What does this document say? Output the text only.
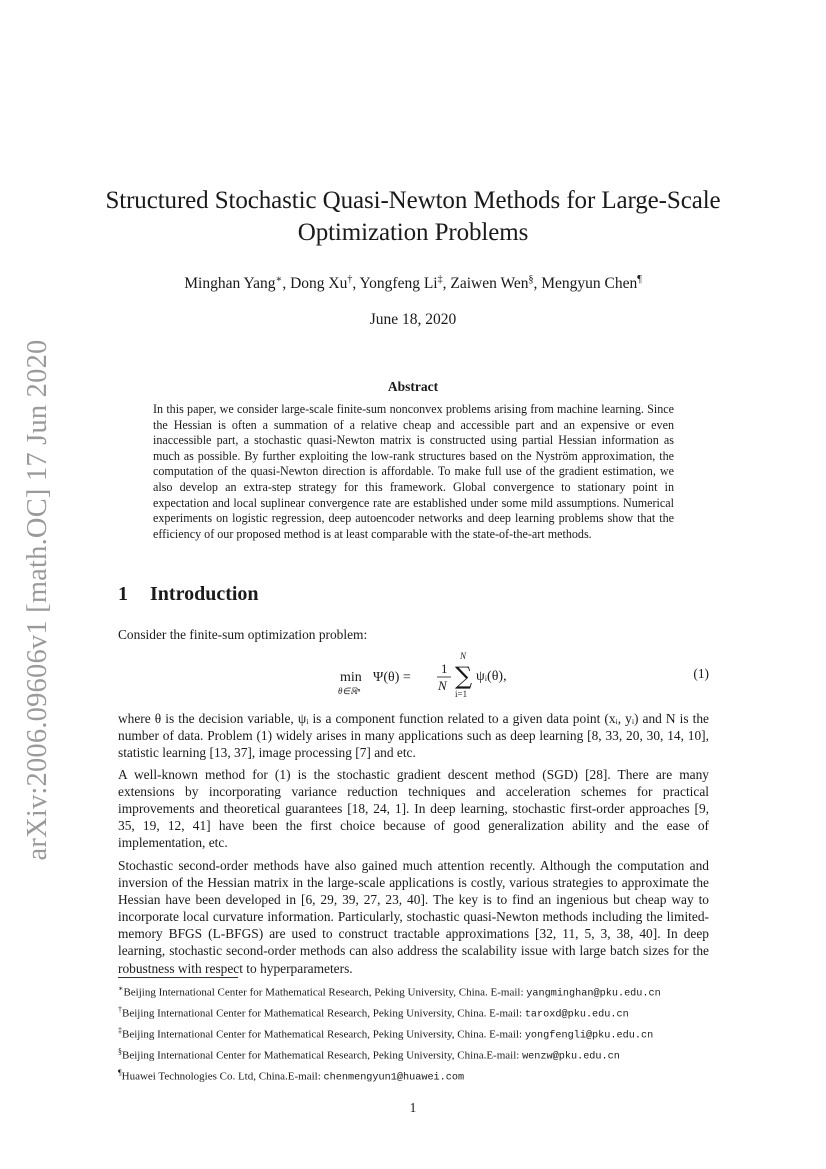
arXiv:2006.09606v1 [math.OC] 17 Jun 2020
Structured Stochastic Quasi-Newton Methods for Large-Scale
Optimization Problems
Minghan Yang∗, Dong Xu†, Yongfeng Li‡, Zaiwen Wen§, Mengyun Chen¶
June 18, 2020
Abstract

In this paper, we consider large-scale finite-sum nonconvex problems arising from machine learning. Since the Hessian is often a summation of a relative cheap and accessible part and an expensive or even inaccessible part, a stochastic quasi-Newton matrix is constructed using partial Hessian information as much as possible. By further exploiting the low-rank structures based on the Nyström approximation, the computation of the quasi-Newton direction is affordable. To make full use of the gradient estimation, we also develop an extra-step strategy for this framework. Global convergence to stationary point in expectation and local suplinear convergence rate are established under some mild assumptions. Numerical experiments on logistic regression, deep autoencoder networks and deep learning problems show that the efficiency of our proposed method is at least comparable with the state-of-the-art methods.

1 Introduction

Consider the finite-sum optimization problem:

min
θ∈ℝⁿ
Ψ(θ) =
1
N
N
∑
i=1
ψᵢ(θ),	(1)

where θ is the decision variable, ψᵢ is a component function related to a given data point (xᵢ, yᵢ) and N is the number of data. Problem (1) widely arises in many applications such as deep learning [8, 33, 20, 30, 14, 10], statistic learning [13, 37], image processing [7] and etc.

A well-known method for (1) is the stochastic gradient descent method (SGD) [28]. There are many extensions by incorporating variance reduction techniques and acceleration schemes for practical improvements and theoretical guarantees [18, 24, 1]. In deep learning, stochastic first-order approaches [9, 35, 19, 12, 41] have been the first choice because of good generalization ability and the ease of implementation, etc.

Stochastic second-order methods have also gained much attention recently. Although the computation and inversion of the Hessian matrix in the large-scale applications is costly, various strategies to approximate the Hessian have been developed in [6, 29, 39, 27, 23, 40]. The key is to find an ingenious but cheap way to incorporate local curvature information. Particularly, stochastic quasi-Newton methods including the limited-memory BFGS (L-BFGS) are used to construct tractable approximations [32, 11, 5, 3, 38, 40]. In deep learning, stochastic second-order methods can also address the scalability issue with large batch sizes for the robustness with respect to hyperparameters.

∗Beijing International Center for Mathematical Research, Peking University, China. E-mail: yangminghan@pku.edu.cn

†Beijing International Center for Mathematical Research, Peking University, China. E-mail: taroxd@pku.edu.cn

‡Beijing International Center for Mathematical Research, Peking University, China. E-mail: yongfengli@pku.edu.cn

§Beijing International Center for Mathematical Research, Peking University, China.E-mail: wenzw@pku.edu.cn

¶Huawei Technologies Co. Ltd, China.E-mail: chenmengyun1@huawei.com

1
